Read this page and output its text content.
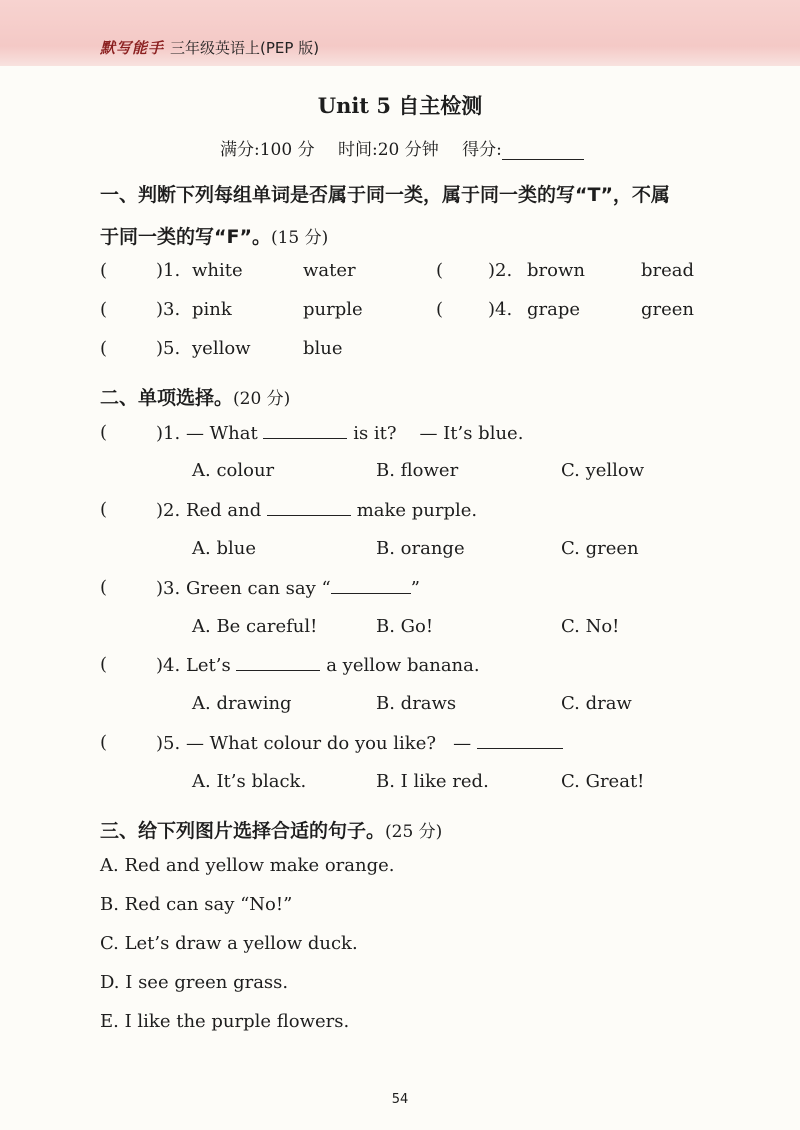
默写能手 三年级英语上(PEP 版)
Unit 5 自主检测
满分:100 分 时间:20 分钟 得分:
一、判断下列每组单词是否属于同一类，属于同一类的写“T”，不属
于同一类的写“F”。(15 分)
(	)1. white	water	( )2. brown	bread
(	)3. pink	purple	( )4. grape	green
(	)5. yellow	blue
二、单项选择。(20 分)
(	)1. — What	is it? — It’s blue.
A. colour	B. flower	C. yellow
(	)2. Red and	make purple.
A. blue	B. orange	C. green
(	)3. Green can say “	”
A. Be careful!	B. Go!	C. No!
(	)4. Let’s	a yellow banana.
A. drawing	B. draws	C. draw
(	)5. — What colour do you like? —
A. It’s black.	B. I like red.	C. Great!
三、给下列图片选择合适的句子。(25 分)
A. Red and yellow make orange.
B. Red can say “No!”
C. Let’s draw a yellow duck.
D. I see green grass.
E. I like the purple flowers.
54
